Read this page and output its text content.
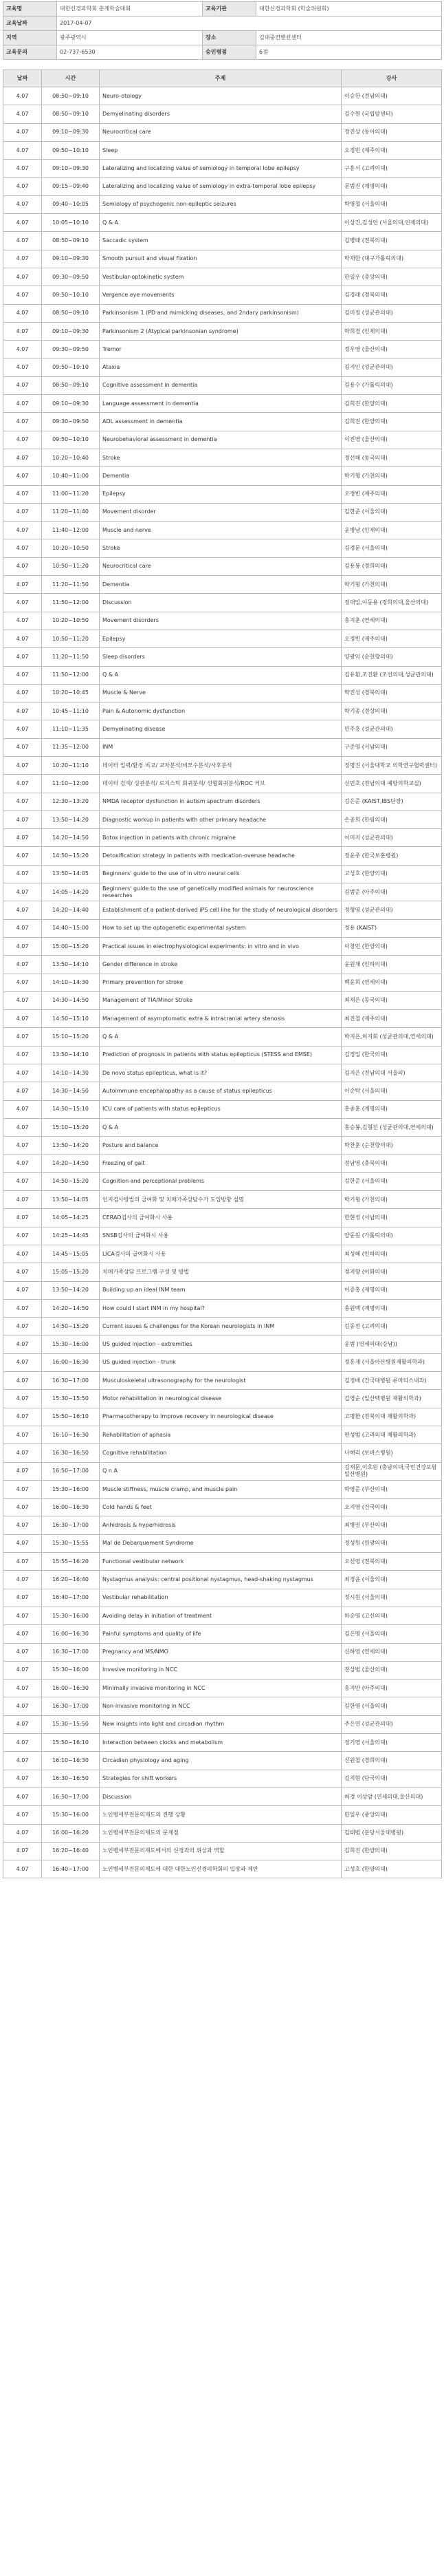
교육명	대한신경과학회 춘계학술대회	교육기관	대한신경과학회 (학술위원회)
교육날짜	2017-04-07		
지역	광주광역시	장소	김대중컨벤션센터
교육문의	02-737-6530	승인평점	6점
날짜	시간	주제	강사
4.07	08:50~09:10	Neuro-otology	이승한 (전남의대)
4.07	08:50~09:10	Demyelinating disorders	김수현 (국립암센터)
4.07	09:10~09:30	Neurocritical care	정진상 (동아의대)
4.07	09:50~10:10	Sleep	오정빈 (제주의대)
4.07	09:10~09:30	Lateralizing and localizing value of semiology in temporal lobe epilepsy	구흥서 (고려의대)
4.07	09:15~09:40	Lateralizing and localizing value of semiology in extra-temporal lobe epilepsy	문범진 (계명의대)
4.07	09:40~10:05	Semiology of psychogenic non-epileptic seizures	박영철 (서울의대)
4.07	10:05~10:10	Q & A	이상건,김성언 (서울의대,인제의대)
4.07	08:50~09:10	Saccadic system	김병태 (전북의대)
4.07	09:10~09:30	Smooth pursuit and visual fixation	박재한 (대구가톨릭의대)
4.07	09:30~09:50	Vestibular-optokinetic system	한일우 (중앙의대)
4.07	09:50~10:10	Vergence eye movements	김경래 (경북의대)
4.07	08:50~09:10	Parkinsonism 1 (PD and mimicking diseases, and 2ndary parkinsonism)	김미정 (성균관의대)
4.07	09:10~09:30	Parkinsonism 2 (Atypical parkinsonian syndrome)	박희경 (인제의대)
4.07	09:30~09:50	Tremor	정우영 (울산의대)
4.07	09:50~10:10	Ataxia	김지인 (성균관의대)
4.07	08:50~09:10	Cognitive assessment in dementia	김용수 (가톨릭의대)
4.07	09:10~09:30	Language assessment in dementia	김희진 (한양의대)
4.07	09:30~09:50	ADL assessment in dementia	김희진 (한양의대)
4.07	09:50~10:10	Neurobehavioral assessment in dementia	이진영 (울산의대)
4.07	10:20~10:40	Stroke	정선해 (동국의대)
4.07	10:40~11:00	Dementia	박기형 (가천의대)
4.07	11:00~11:20	Epilepsy	오정빈 (제주의대)
4.07	11:20~11:40	Movement disorder	김한준 (서울의대)
4.07	11:40~12:00	Muscle and nerve	윤병남 (인제의대)
4.07	10:20~10:50	Stroke	김경문 (서울의대)
4.07	10:50~11:20	Neurocritical care	김용봉 (경희의대)
4.07	11:20~11:50	Dementia	박기형 (가천의대)
4.07	11:50~12:00	Discussion	정대일,이동용 (경희의대,울산의대)
4.07	10:20~10:50	Movement disorders	홍지훈 (연세의대)
4.07	10:50~11:20	Epilepsy	오정빈 (제주의대)
4.07	11:20~11:50	Sleep disorders	양광익 (순천향의대)
4.07	11:50~12:00	Q & A	김유환,조진환 (조선의대,성균관의대)
4.07	10:20~10:45	Muscle & Nerve	박진성 (경북의대)
4.07	10:45~11:10	Pain & Autonomic dysfunction	박기종 (경상의대)
4.07	11:10~11:35	Demyelinating disease	민주홍 (성균관의대)
4.07	11:35~12:00	INM	구준영 (서남의대)
4.07	10:20~11:10	데이터 입력/환경 비교/ 교차분석/비모수분석/사후분석	정명진 (서울대학교 의학연구협력센터)
4.07	11:10~12:00	데이터 검색/ 상관분석/ 로지스틱 회귀분석/ 선형회귀분석/ROC 커브	신민호 (전남의대 예방의학교실)
4.07	12:30~13:20	NMDA receptor dysfunction in autism spectrum disorders	김은준 (KAIST,IBS단장)
4.07	13:50~14:20	Diagnostic workup in patients with other primary headache	손종희 (한림의대)
4.07	14:20~14:50	Botox injection in patients with chronic migraine	이미지 (성균관의대)
4.07	14:50~15:20	Detoxification strategy in patients with medication-overuse headache	정윤주 (한국보훈병원)
4.07	13:50~14:05	Beginners' guide to the use of in vitro neural cells	고성호 (한양의대)
4.07	14:05~14:20	Beginners' guide to the use of genetically modified animals for neuroscience researches	김범준 (아주의대)
4.07	14:20~14:40	Establishment of a patient-derived iPS cell line for the study of neurological disorders	정형영 (성균관의대)
4.07	14:40~15:00	How to set up the optogenetic experimental system	정용 (KAIST)
4.07	15:00~15:20	Practical issues in electrophysiological experiments: in vitro and in vivo	이창민 (한양의대)
4.07	13:50~14:10	Gender difference in stroke	윤원채 (인하의대)
4.07	14:10~14:30	Primary prevention for stroke	백윤희 (연세의대)
4.07	14:30~14:50	Management of TIA/Minor Stroke	최재은 (동국의대)
4.07	14:50~15:10	Management of asymptomatic extra & intracranial artery stenosis	최진철 (제주의대)
4.07	15:10~15:20	Q & A	박지은,허지회 (성균관의대,연세의대)
4.07	13:50~14:10	Prediction of prognosis in patients with status epilepticus (STESS and EMSE)	김정일 (한국의대)
4.07	14:10~14:30	De novo status epilepticus, what is it?	김지은 (전남의대 서울의)
4.07	14:30~14:50	Autoimmune encephalopathy as a cause of status epilepticus	이순탁 (서울의대)
4.07	14:50~15:10	ICU care of patients with status epilepticus	홍종훈 (계명의대)
4.07	15:10~15:20	Q & A	홍승봉,김형진 (성균관의대,연세의대)
4.07	13:50~14:20	Posture and balance	박찬훈 (순천향의대)
4.07	14:20~14:50	Freezing of gait	전남영 (충북의대)
4.07	14:50~15:20	Cognition and perceptional problems	김한준 (서울의대)
4.07	13:50~14:05	인지검사방법의 급여화 및 치매가족상담수가 도입방향 설명	박기형 (가천의대)
4.07	14:05~14:25	CERAD검사의 급여화시 사용	한현정 (서남의대)
4.07	14:25~14:45	SNSB검사의 급여화시 사용	양동원 (가톨릭의대)
4.07	14:45~15:05	LICA검사의 급여화시 사용	최성혜 (인하의대)
4.07	15:05~15:20	치매가족상담 프로그램 구성 및 방법	정지향 (이화의대)
4.07	13:50~14:20	Building up an ideal INM team	이증홍 (제명의대)
4.07	14:20~14:50	How could I start INM in my hospital?	홍원백 (계명의대)
4.07	14:50~15:20	Current issues & challenges for the Korean neurologists in INM	김동전 (고려의대)
4.07	15:30~16:00	US guided injection - extremities	윤범 (연세의대(강남))
4.07	16:00~16:30	US guided injection - trunk	정홍재 (서울아산병원재활의학과)
4.07	16:30~17:00	Musculoskeletal ultrasonography for the neurologist	김정배 (건국대병원 류마티스내과)
4.07	15:30~15:50	Motor rehabilitation in neurological disease	김영순 (일산백병원 재활의학과)
4.07	15:50~16:10	Pharmacotherapy to improve recovery in neurological disease	고명환 (전북의대 재활의학과)
4.07	16:10~16:30	Rehabilitation of aphasia	편성범 (고려의대 재활의학과)
4.07	16:30~16:50	Cognitive rehabilitation	나해리 (보바스병원)
4.07	16:50~17:00	Q n A	김재문,이호원 (충남의대,국민건강보험 일산병원)
4.07	15:30~16:00	Muscle stiffness, muscle cramp, and muscle pain	박영준 (부산의대)
4.07	16:00~16:30	Cold hands & feet	오지영 (건국의대)
4.07	16:30~17:00	Anhidrosis & hyperhidrosis	최병권 (부산의대)
4.07	15:30~15:55	Mal de Debarquement Syndrome	정성원 (원광의대)
4.07	15:55~16:20	Functional vestibular network	오선영 (전북의대)
4.07	16:20~16:40	Nystagmus analysis: central positional nystagmus, head-shaking nystagmus	최정윤 (서울의대)
4.07	16:40~17:00	Vestibular rehabilitation	정시원 (서울의대)
4.07	15:30~16:00	Avoiding delay in initiation of treatment	하순영 (고신의대)
4.07	16:00~16:30	Painful symptoms and quality of life	김은명 (서울의대)
4.07	16:30~17:00	Pregnancy and MS/NMO	신하영 (연세의대)
4.07	15:30~16:00	Invasive monitoring in NCC	전상범 (울산의대)
4.07	16:00~16:30	Minimally invasive monitoring in NCC	홍지만 (아주의대)
4.07	16:30~17:00	Non-invasive monitoring in NCC	김한영 (서울의대)
4.07	15:30~15:50	New insights into light and circadian rhythm	주은연 (성균관의대)
4.07	15:50~16:10	Interaction between clocks and metabolism	정기영 (서울의대)
4.07	16:10~16:30	Circadian physiology and aging	신원철 (경희의대)
4.07	16:30~16:50	Strategies for shift workers	김지현 (단국의대)
4.07	16:50~17:00	Discussion	허경 이상암 (연세의대,울산의대)
4.07	15:30~16:00	노인병세부전문의제도의 진행 상황	한일우 (중앙의대)
4.07	16:00~16:20	노인병세부전문의제도의 문제점	김태범 (분당서울대병원)
4.07	16:20~16:40	노인병세부전문의제도에서의 신경과의 위상과 역할	김희진 (한양의대)
4.07	16:40~17:00	노인병세부전문의제도에 대한 대한노인신경의학회의 입장과 제안	고성호 (한양의대)
